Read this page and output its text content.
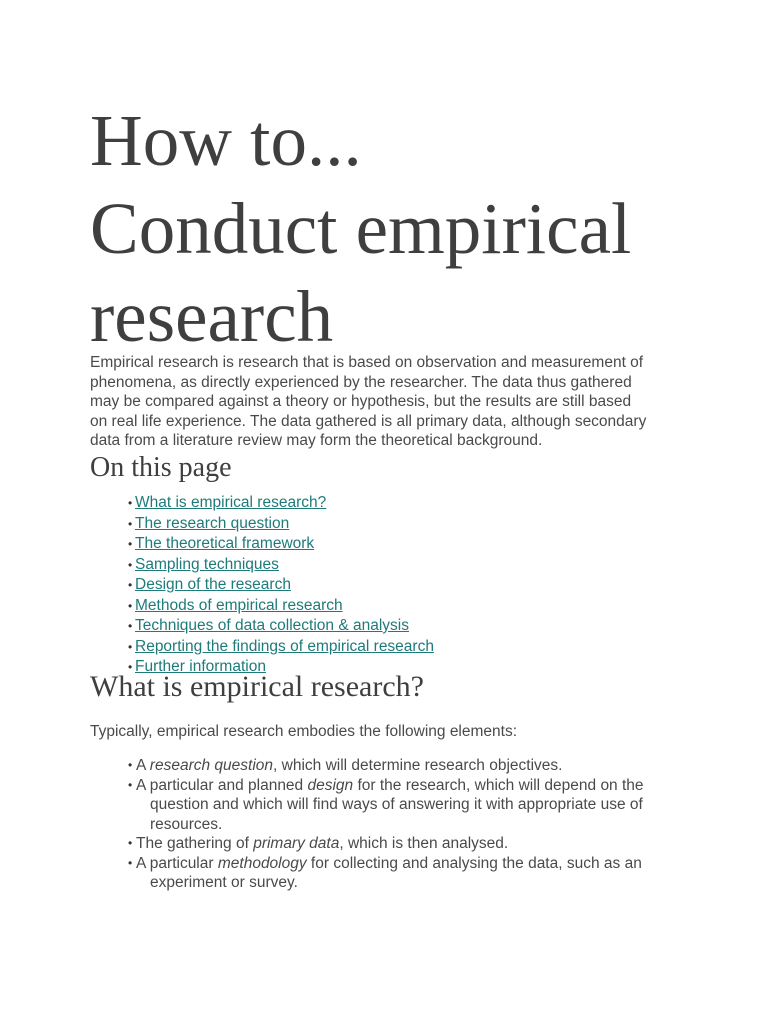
How to...
Conduct empirical
research

Empirical research is research that is based on observation and measurement of
phenomena, as directly experienced by the researcher. The data thus gathered
may be compared against a theory or hypothesis, but the results are still based
on real life experience. The data gathered is all primary data, although secondary
data from a literature review may form the theoretical background.

On this page
• What is empirical research?
• The research question
• The theoretical framework
• Sampling techniques
• Design of the research
• Methods of empirical research
• Techniques of data collection & analysis
• Reporting the findings of empirical research
• Further information
What is empirical research?

Typically, empirical research embodies the following elements:

• A research question, which will determine research objectives.
• A particular and planned design for the research, which will depend on the
question and which will find ways of answering it with appropriate use of
resources.
• The gathering of primary data, which is then analysed.
• A particular methodology for collecting and analysing the data, such as an
experiment or survey.
